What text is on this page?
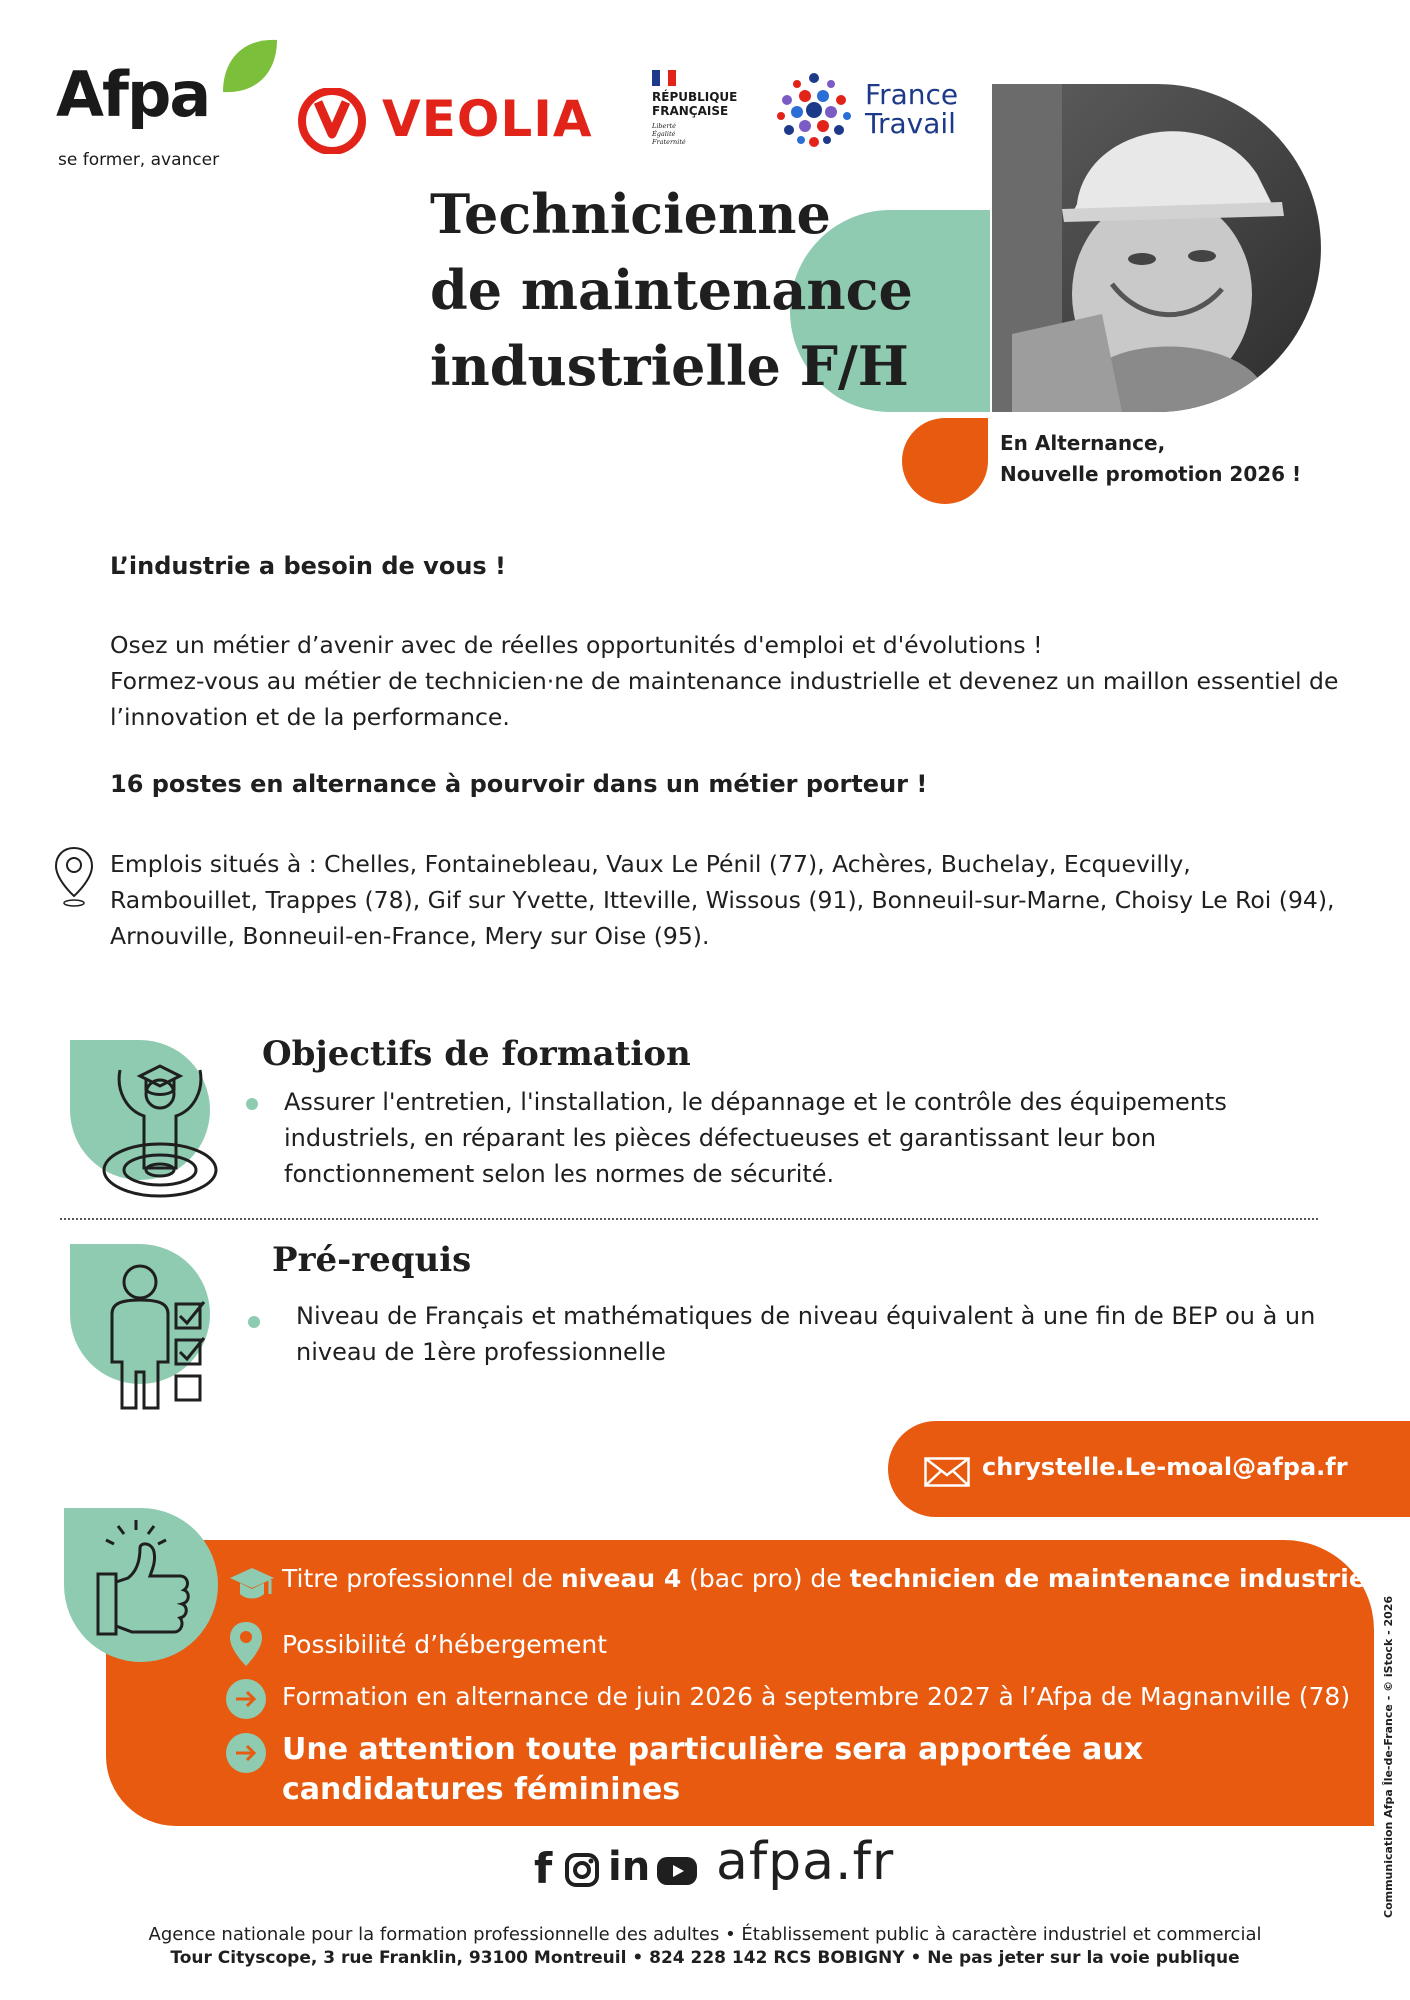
Afpa
se former, avancer
VEOLIA	RÉPUBLIQUE
FRANÇAISE
Liberté
Égalité
Fraternité
France
Travail
Technicienne
de maintenance
industrielle F/H
En Alternance,
Nouvelle promotion 2026 !
L’industrie a besoin de vous !
Osez un métier d’avenir avec de réelles opportunités d'emploi et d'évolutions !
Formez-vous au métier de technicien·ne de maintenance industrielle et devenez un maillon essentiel de l’innovation et de la performance.
16 postes en alternance à pourvoir dans un métier porteur !
Emplois situés à : Chelles, Fontainebleau, Vaux Le Pénil (77), Achères, Buchelay, Ecquevilly, Rambouillet, Trappes (78), Gif sur Yvette, Itteville, Wissous (91), Bonneuil-sur-Marne, Choisy Le Roi (94), Arnouville, Bonneuil-en-France, Mery sur Oise (95).
Objectifs de formation
Assurer l'entretien, l'installation, le dépannage et le contrôle des équipements industriels, en réparant les pièces défectueuses et garantissant leur bon fonctionnement selon les normes de sécurité.
Pré-requis
Niveau de Français et mathématiques de niveau équivalent à une fin de BEP ou à un niveau de 1ère professionnelle
chrystelle.Le-moal@afpa.fr
Titre professionnel de niveau 4 (bac pro) de technicien de maintenance industrielle
Possibilité d’hébergement
Formation en alternance de juin 2026 à septembre 2027 à l’Afpa de Magnanville (78)
Une attention toute particulière sera apportée aux candidatures féminines	Communication Afpa Île-de-France - © iStock - 2026
f in afpa.fr
Agence nationale pour la formation professionnelle des adultes • Établissement public à caractère industriel et commercial
Tour Cityscope, 3 rue Franklin, 93100 Montreuil • 824 228 142 RCS BOBIGNY • Ne pas jeter sur la voie publique
